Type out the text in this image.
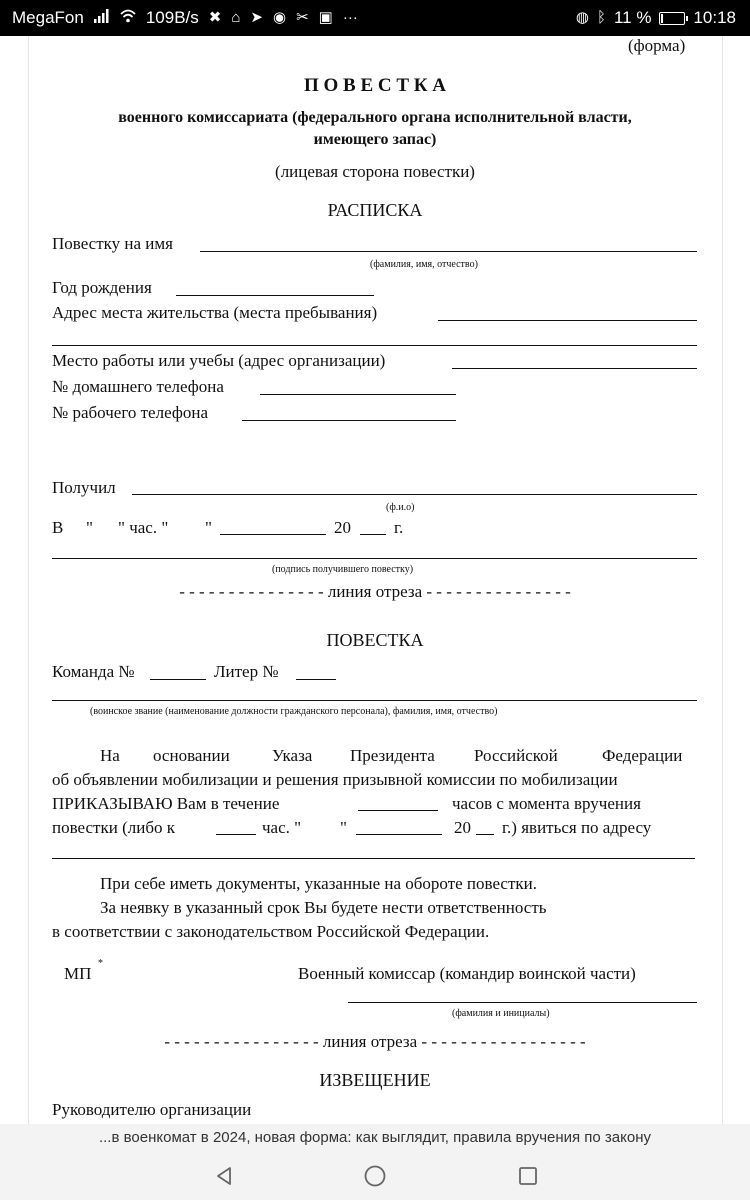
MegaFon	109B/s ✖ ⌂ ➤ ◉ ✂ ▣ ···	◍ ᛒ 11 % 10:18
(форма)
П О В Е С Т К А
военного комиссариата (федерального органа исполнительной власти,
имеющего запас)
(лицевая сторона повестки)
РАСПИСКА
Повестку на имя
(фамилия, имя, отчество)
Год рождения
Адрес места жительства (места пребывания)
Место работы или учебы (адрес организации)
№ домашнего телефона
№ рабочего телефона
Получил
(ф.и.о)
В " " час. " "	20	г.
(подпись получившего повестку)
- - - - - - - - - - - - - - - линия отреза - - - - - - - - - - - - - - -
ПОВЕСТКА
Команда №	Литер №
(воинское звание (наименование должности гражданского персонала), фамилия, имя, отчество)
На основании Указа Президента Российской	Федерации
об объявлении мобилизации и решения призывной комиссии по мобилизации
ПРИКАЗЫВАЮ Вам в течение	часов с момента вручения
повестки (либо к	час. " "	20 г.) явиться по адресу
При себе иметь документы, указанные на обороте повестки.
За неявку в указанный срок Вы будете нести ответственность
в соответствии с законодательством Российской Федерации.
МП
*
Военный комиссар (командир воинской части)
(фамилия и инициалы)
- - - - - - - - - - - - - - - - линия отреза - - - - - - - - - - - - - - - - -
ИЗВЕЩЕНИЕ
Руководителю организации
...в военкомат в 2024, новая форма: как выглядит, правила вручения по закону
